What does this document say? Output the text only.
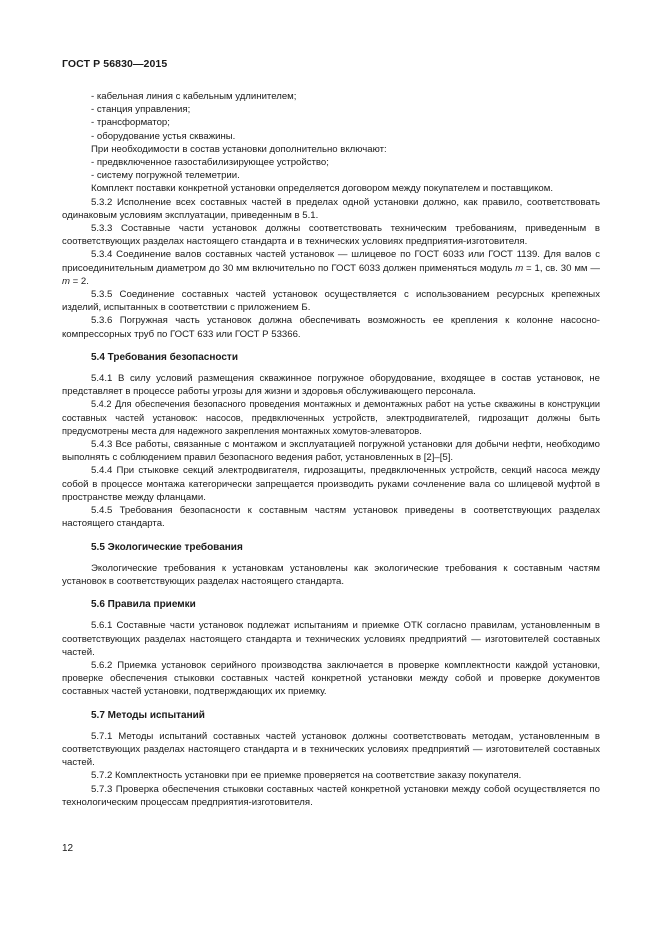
ГОСТ Р 56830—2015

- кабельная линия с кабельным удлинителем;

- станция управления;

- трансформатор;

- оборудование устья скважины.

При необходимости в состав установки дополнительно включают:

- предвключенное газостабилизирующее устройство;

- систему погружной телеметрии.

Комплект поставки конкретной установки определяется договором между покупателем и поставщиком.

5.3.2 Исполнение всех составных частей в пределах одной установки должно, как правило, соответствовать одинаковым условиям эксплуатации, приведенным в 5.1.

5.3.3 Составные части установок должны соответствовать техническим требованиям, приведенным в соответствующих разделах настоящего стандарта и в технических условиях предприятия-изготовителя.

5.3.4 Соединение валов составных частей установок — шлицевое по ГОСТ 6033 или ГОСТ 1139. Для валов с присоединительным диаметром до 30 мм включительно по ГОСТ 6033 должен применяться модуль m = 1, св. 30 мм — m = 2.

5.3.5 Соединение составных частей установок осуществляется с использованием ресурсных крепежных изделий, испытанных в соответствии с приложением Б.

5.3.6 Погружная часть установок должна обеспечивать возможность ее крепления к колонне насосно-компрессорных труб по ГОСТ 633 или ГОСТ Р 53366.

5.4 Требования безопасности

5.4.1 В силу условий размещения скважинное погружное оборудование, входящее в состав установок, не представляет в процессе работы угрозы для жизни и здоровья обслуживающего персонала.

5.4.2 Для обеспечения безопасного проведения монтажных и демонтажных работ на устье скважины в конструкции составных частей установок: насосов, предвключенных устройств, электродвигателей, гидрозащит должны быть предусмотрены места для надежного закрепления монтажных хомутов-элеваторов.

5.4.3 Все работы, связанные с монтажом и эксплуатацией погружной установки для добычи нефти, необходимо выполнять с соблюдением правил безопасного ведения работ, установленных в [2]–[5].

5.4.4 При стыковке секций электродвигателя, гидрозащиты, предвключенных устройств, секций насоса между собой в процессе монтажа категорически запрещается производить руками сочленение вала со шлицевой муфтой в пространстве между фланцами.

5.4.5 Требования безопасности к составным частям установок приведены в соответствующих разделах настоящего стандарта.

5.5 Экологические требования

Экологические требования к установкам установлены как экологические требования к составным частям установок в соответствующих разделах настоящего стандарта.

5.6 Правила приемки

5.6.1 Составные части установок подлежат испытаниям и приемке ОТК согласно правилам, установленным в соответствующих разделах настоящего стандарта и технических условиях предприятий — изготовителей составных частей.

5.6.2 Приемка установок серийного производства заключается в проверке комплектности каждой установки, проверке обеспечения стыковки составных частей конкретной установки между собой и проверке документов составных частей установки, подтверждающих их приемку.

5.7 Методы испытаний

5.7.1 Методы испытаний составных частей установок должны соответствовать методам, установленным в соответствующих разделах настоящего стандарта и в технических условиях предприятий — изготовителей составных частей.

5.7.2 Комплектность установки при ее приемке проверяется на соответствие заказу покупателя.

5.7.3 Проверка обеспечения стыковки составных частей конкретной установки между собой осуществляется по технологическим процессам предприятия-изготовителя.

12
